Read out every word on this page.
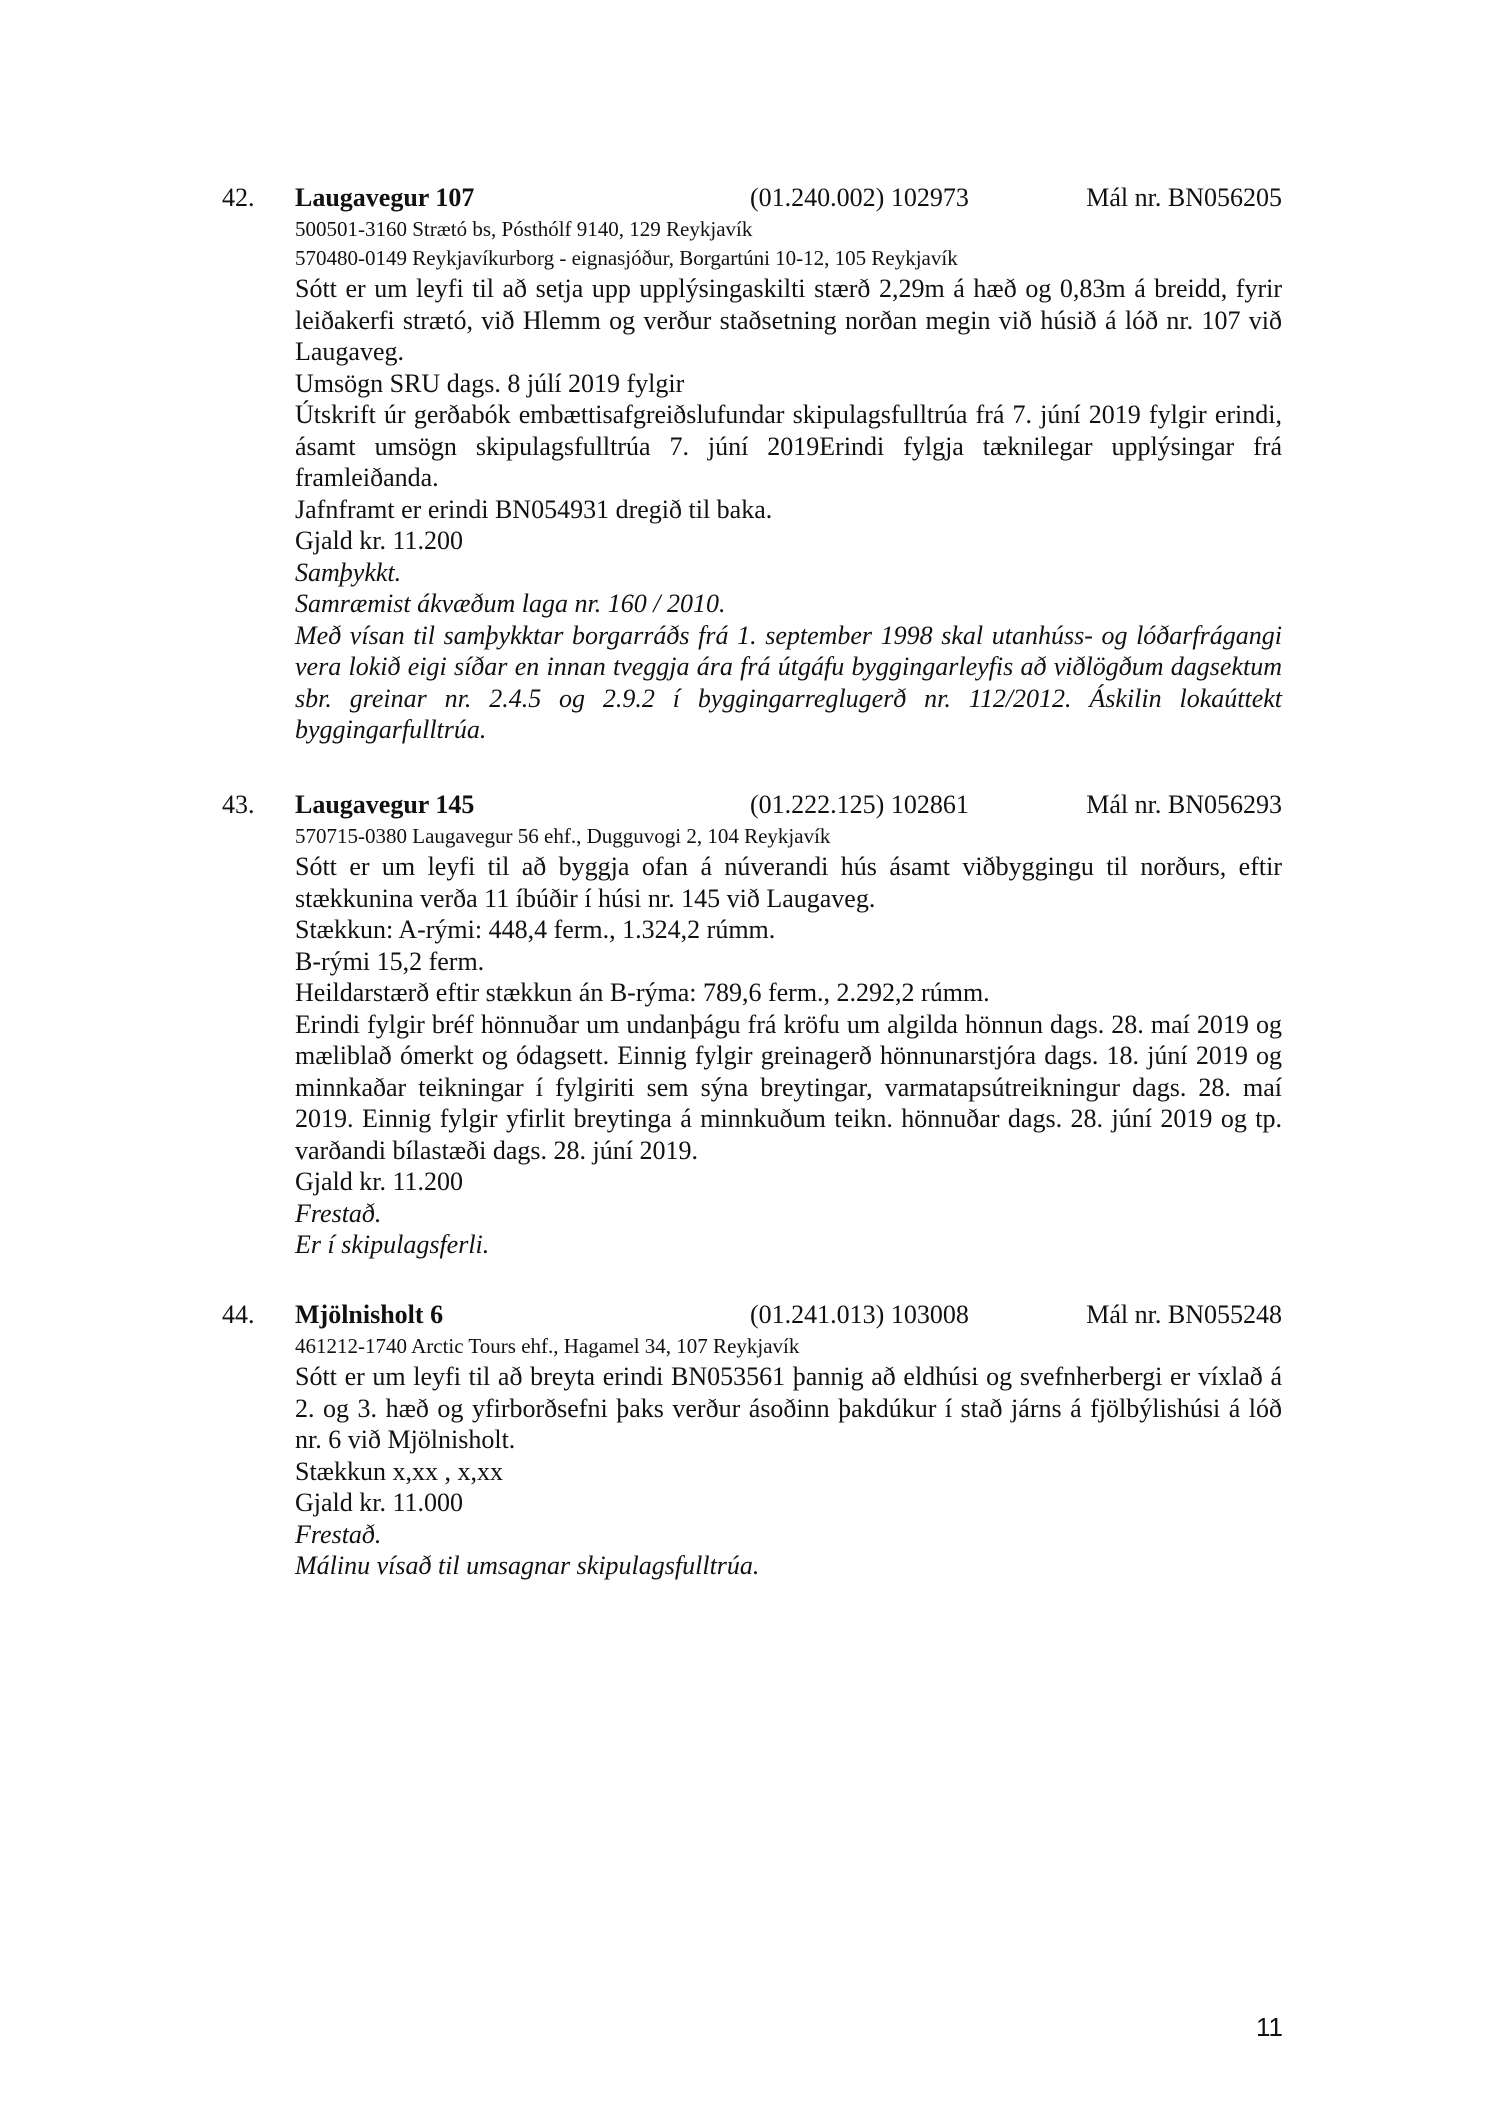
42. Laugavegur 107	(01.240.002) 102973	Mál nr. BN056205
500501-3160 Strætó bs, Pósthólf 9140, 129 Reykjavík
570480-0149 Reykjavíkurborg - eignasjóður, Borgartúni 10-12, 105 Reykjavík
Sótt er um leyfi til að setja upp upplýsingaskilti stærð 2,29m á hæð og 0,83m á breidd, fyrir leiðakerfi strætó, við Hlemm og verður staðsetning norðan megin við húsið á lóð nr. 107 við Laugaveg.
Umsögn SRU dags. 8 júlí 2019 fylgir
Útskrift úr gerðabók embættisafgreiðslufundar skipulagsfulltrúa frá 7. júní 2019 fylgir erindi, ásamt umsögn skipulagsfulltrúa 7. júní 2019Erindi fylgja tæknilegar upplýsingar frá framleiðanda.
Jafnframt er erindi BN054931 dregið til baka.
Gjald kr. 11.200
Samþykkt.
Samræmist ákvæðum laga nr. 160 / 2010.
Með vísan til samþykktar borgarráðs frá 1. september 1998 skal utanhúss- og lóðarfrágangi vera lokið eigi síðar en innan tveggja ára frá útgáfu byggingarleyfis að viðlögðum dagsektum sbr. greinar nr. 2.4.5 og 2.9.2 í byggingarreglugerð nr. 112/2012. Áskilin lokaúttekt byggingarfulltrúa.
43. Laugavegur 145	(01.222.125) 102861	Mál nr. BN056293
570715-0380 Laugavegur 56 ehf., Dugguvogi 2, 104 Reykjavík
Sótt er um leyfi til að byggja ofan á núverandi hús ásamt viðbyggingu til norðurs, eftir stækkunina verða 11 íbúðir í húsi nr. 145 við Laugaveg.
Stækkun: A-rými: 448,4 ferm., 1.324,2 rúmm.
B-rými 15,2 ferm.
Heildarstærð eftir stækkun án B-rýma: 789,6 ferm., 2.292,2 rúmm.
Erindi fylgir bréf hönnuðar um undanþágu frá kröfu um algilda hönnun dags. 28. maí 2019 og mæliblað ómerkt og ódagsett. Einnig fylgir greinagerð hönnunarstjóra dags. 18. júní 2019 og minnkaðar teikningar í fylgiriti sem sýna breytingar, varmatapsútreikningur dags. 28. maí 2019. Einnig fylgir yfirlit breytinga á minnkuðum teikn. hönnuðar dags. 28. júní 2019 og tp. varðandi bílastæði dags. 28. júní 2019.
Gjald kr. 11.200
Frestað.
Er í skipulagsferli.
44. Mjölnisholt 6	(01.241.013) 103008	Mál nr. BN055248
461212-1740 Arctic Tours ehf., Hagamel 34, 107 Reykjavík
Sótt er um leyfi til að breyta erindi BN053561 þannig að eldhúsi og svefnherbergi er víxlað á 2. og 3. hæð og yfirborðsefni þaks verður ásoðinn þakdúkur í stað járns á fjölbýlishúsi á lóð nr. 6 við Mjölnisholt.
Stækkun x,xx , x,xx
Gjald kr. 11.000
Frestað.
Málinu vísað til umsagnar skipulagsfulltrúa.
11
